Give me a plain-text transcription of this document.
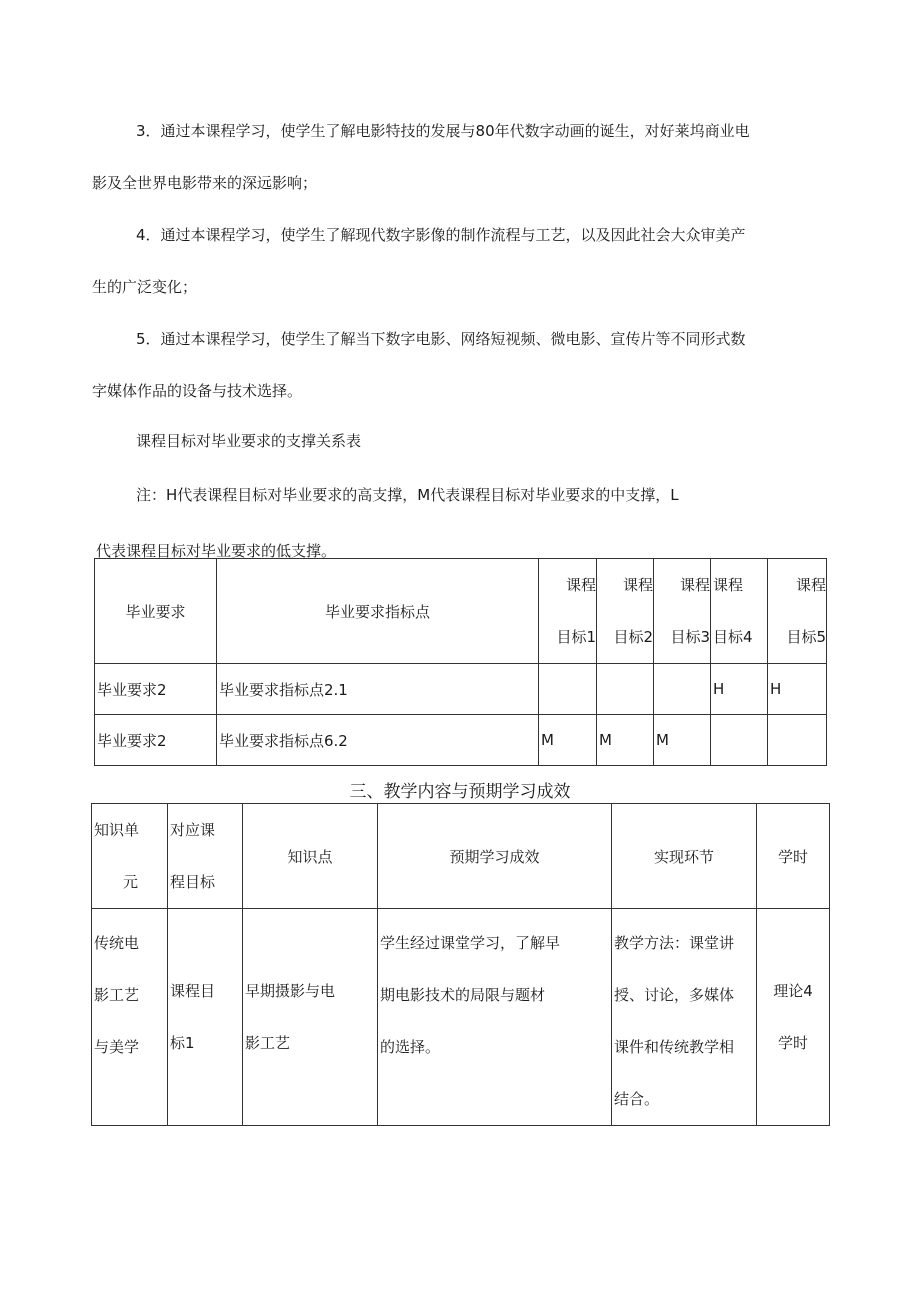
3．通过本课程学习，使学生了解电影特技的发展与80年代数字动画的诞生，对好莱坞商业电
影及全世界电影带来的深远影响；
4．通过本课程学习，使学生了解现代数字影像的制作流程与工艺，以及因此社会大众审美产
生的广泛变化；
5．通过本课程学习，使学生了解当下数字电影、网络短视频、微电影、宣传片等不同形式数
字媒体作品的设备与技术选择。

课程目标对毕业要求的支撑关系表

注：H代表课程目标对毕业要求的高支撑，M代表课程目标对毕业要求的中支撑，L

代表课程目标对毕业要求的低支撑。

毕业要求	毕业要求指标点	课程
目标1	课程
目标2	课程
目标3	课程
目标4	课程
目标5

毕业要求2	毕业要求指标点2.1				H	H
毕业要求2	毕业要求指标点6.2	M	M	M		
三、教学内容与预期学习成效
知识单
元	对应课
程目标	知识点	预期学习成效	实现环节	学时

传统电
影工艺
与美学	课程目
标1	早期摄影与电
影工艺	学生经过课堂学习，了解早
期电影技术的局限与题材
的选择。	教学方法：课堂讲
授、讨论，多媒体
课件和传统教学相
结合。	理论4
学时
